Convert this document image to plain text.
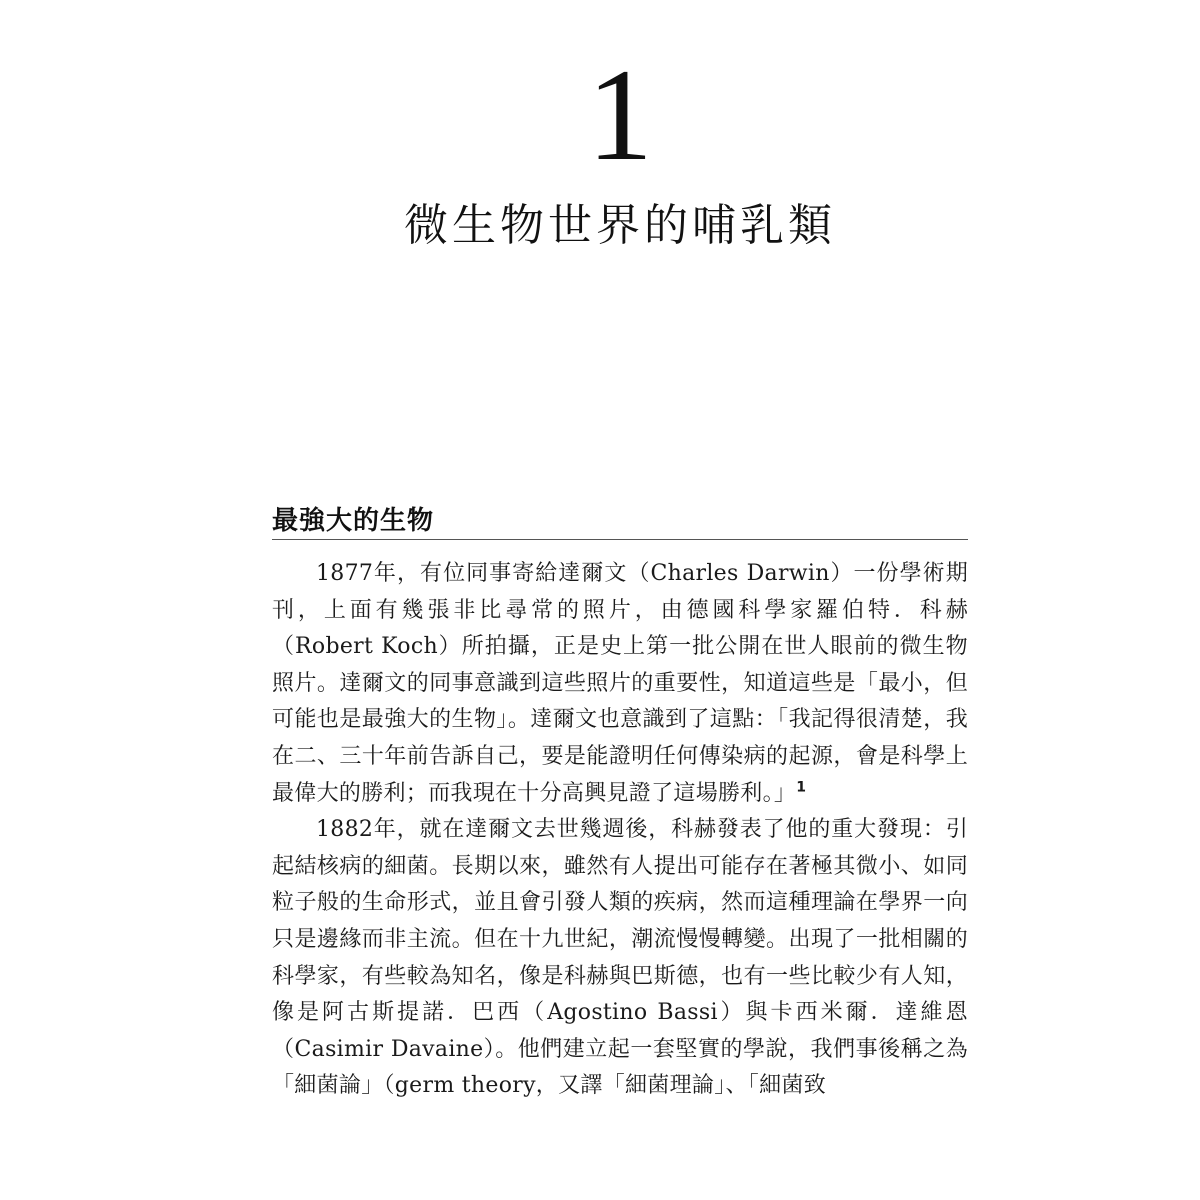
1
微生物世界的哺乳類
最強大的生物

1877年，有位同事寄給達爾文（Charles Darwin）一份學術期刊，上面有幾張非比尋常的照片，由德國科學家羅伯特．科赫（Robert Koch）所拍攝，正是史上第一批公開在世人眼前的微生物照片。達爾文的同事意識到這些照片的重要性，知道這些是「最小，但可能也是最強大的生物」。達爾文也意識到了這點：「我記得很清楚，我在二、三十年前告訴自己，要是能證明任何傳染病的起源，會是科學上最偉大的勝利；而我現在十分高興見證了這場勝利。」$^1$

1882年，就在達爾文去世幾週後，科赫發表了他的重大發現：引起結核病的細菌。長期以來，雖然有人提出可能存在著極其微小、如同粒子般的生命形式，並且會引發人類的疾病，然而這種理論在學界一向只是邊緣而非主流。但在十九世紀，潮流慢慢轉變。出現了一批相關的科學家，有些較為知名，像是科赫與巴斯德，也有一些比較少有人知，像是阿古斯提諾．巴西（Agostino Bassi）與卡西米爾．達維恩（Casimir Davaine）。他們建立起一套堅實的學說，我們事後稱之為「細菌論」（germ theory，又譯「細菌理論」、「細菌致
